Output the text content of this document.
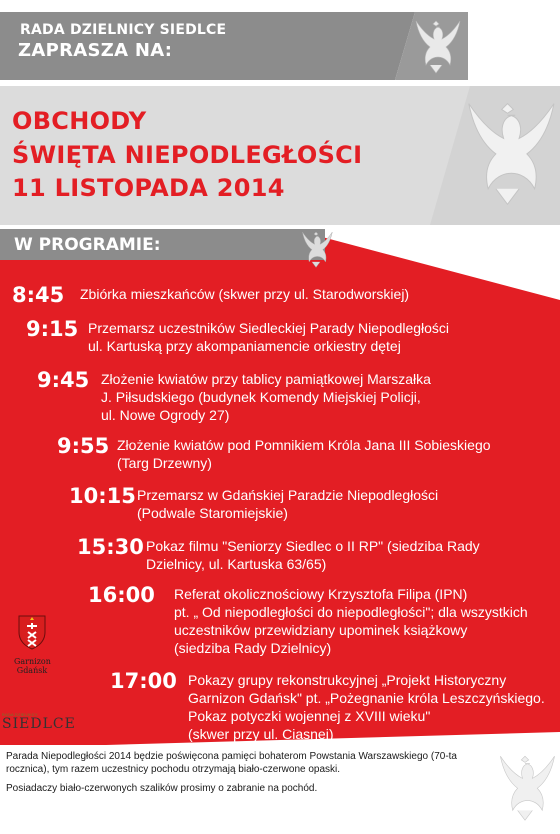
RADA DZIELNICY SIEDLCE
ZAPRASZA NA:
OBCHODY
ŚWIĘTA NIEPODLEGŁOŚCI
11 LISTOPADA 2014
W PROGRAMIE:
8:45 Zbiórka mieszkańców (skwer przy ul. Starodworskiej)
9:15 Przemarsz uczestników Siedleckiej Parady Niepodległości
ul. Kartuską przy akompaniamencie orkiestry dętej
9:45 Złożenie kwiatów przy tablicy pamiątkowej Marszałka
J. Piłsudskiego (budynek Komendy Miejskiej Policji,
ul. Nowe Ogrody 27)
9:55 Złożenie kwiatów pod Pomnikiem Króla Jana III Sobieskiego
(Targ Drzewny)
10:15 Przemarsz w Gdańskiej Paradzie Niepodległości
(Podwale Staromiejskie)
15:30 Pokaz filmu "Seniorzy Siedlec o II RP" (siedziba Rady
Dzielnicy, ul. Kartuska 63/65)
16:00 Referat okolicznościowy Krzysztofa Filipa (IPN)
pt. „ Od niepodległości do niepodległości"; dla wszystkich
uczestników przewidziany upominek książkowy
(siedziba Rady Dzielnicy)
17:00 Pokazy grupy rekonstrukcyjnej „Projekt Historyczny
Garnizon Gdańsk" pt. „Pożegnanie króla Leszczyńskiego.
Pokaz potyczki wojennej z XVIII wieku"
(skwer przy ul. Ciasnej)
Garnizon
Gdańsk
RADA DZIELNICY
SIEDLCE

Parada Niepodległości 2014 będzie poświęcona pamięci bohaterom Powstania Warszawskiego (70-ta rocznica), tym razem uczestnicy pochodu otrzymają biało-czerwone opaski.

Posiadaczy biało-czerwonych szalików prosimy o zabranie na pochód.
